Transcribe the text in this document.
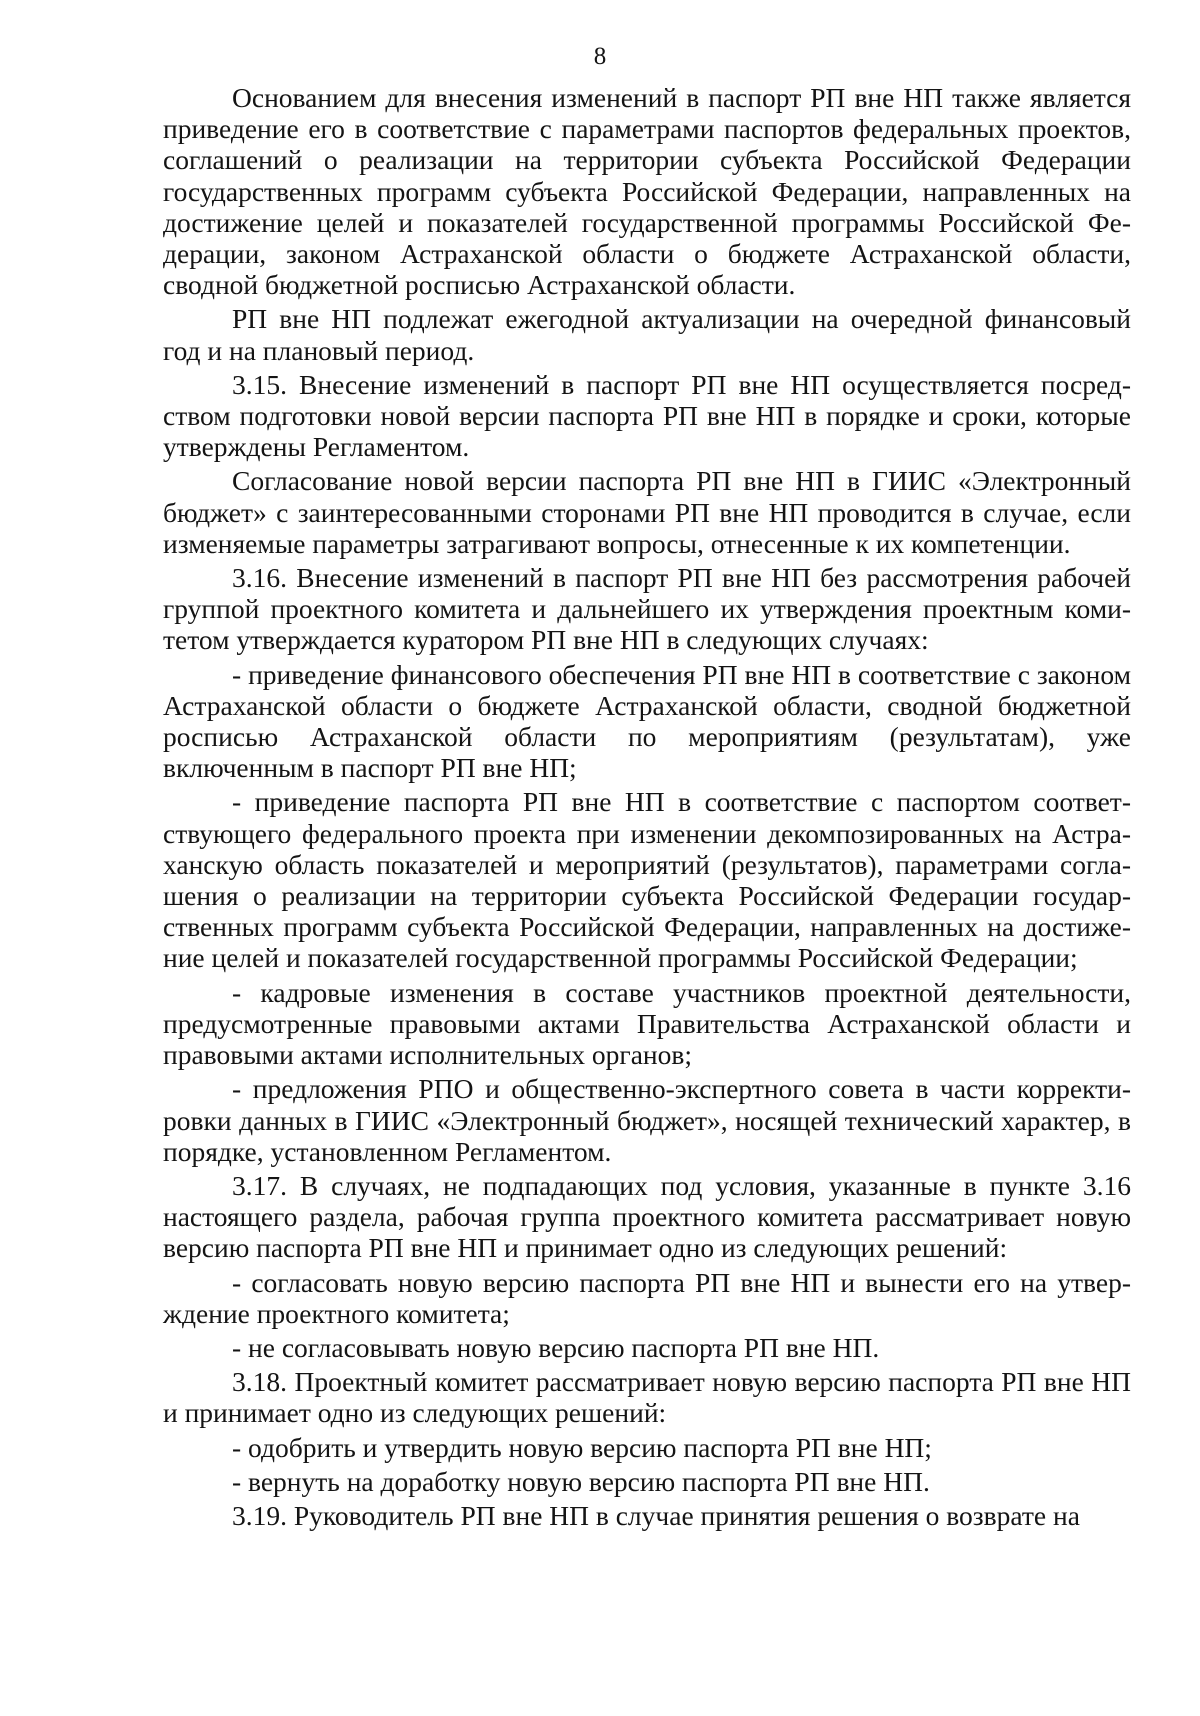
8

Основанием для внесения изменений в паспорт РП вне НП также является приведение его в соответствие с параметрами паспортов федеральных проектов, соглашений о реализации на территории субъекта Российской Федерации государственных программ субъекта Российской Федерации, направленных на достижение целей и показателей государственной программы Российской Федерации, законом Астраханской области о бюджете Астраханской области, сводной бюджетной росписью Астраханской области.

РП вне НП подлежат ежегодной актуализации на очередной финансовый год и на плановый период.

3.15. Внесение изменений в паспорт РП вне НП осуществляется посредством подготовки новой версии паспорта РП вне НП в порядке и сроки, которые утверждены Регламентом.

Согласование новой версии паспорта РП вне НП в ГИИС «Электронный бюджет» с заинтересованными сторонами РП вне НП проводится в случае, если изменяемые параметры затрагивают вопросы, отнесенные к их компетенции.

3.16. Внесение изменений в паспорт РП вне НП без рассмотрения рабочей группой проектного комитета и дальнейшего их утверждения проектным комитетом утверждается куратором РП вне НП в следующих случаях:

- приведение финансового обеспечения РП вне НП в соответствие с законом Астраханской области о бюджете Астраханской области, сводной бюджетной росписью Астраханской области по мероприятиям (результатам), уже включенным в паспорт РП вне НП;

- приведение паспорта РП вне НП в соответствие с паспортом соответствующего федерального проекта при изменении декомпозированных на Астраханскую область показателей и мероприятий (результатов), параметрами соглашения о реализации на территории субъекта Российской Федерации государственных программ субъекта Российской Федерации, направленных на достижение целей и показателей государственной программы Российской Федерации;

- кадровые изменения в составе участников проектной деятельности, предусмотренные правовыми актами Правительства Астраханской области и правовыми актами исполнительных органов;

- предложения РПО и общественно-экспертного совета в части корректировки данных в ГИИС «Электронный бюджет», носящей технический характер, в порядке, установленном Регламентом.

3.17. В случаях, не подпадающих под условия, указанные в пункте 3.16 настоящего раздела, рабочая группа проектного комитета рассматривает новую версию паспорта РП вне НП и принимает одно из следующих решений:

- согласовать новую версию паспорта РП вне НП и вынести его на утверждение проектного комитета;

- не согласовывать новую версию паспорта РП вне НП.

3.18. Проектный комитет рассматривает новую версию паспорта РП вне НП и принимает одно из следующих решений:

- одобрить и утвердить новую версию паспорта РП вне НП;

- вернуть на доработку новую версию паспорта РП вне НП.

3.19. Руководитель РП вне НП в случае принятия решения о возврате на
